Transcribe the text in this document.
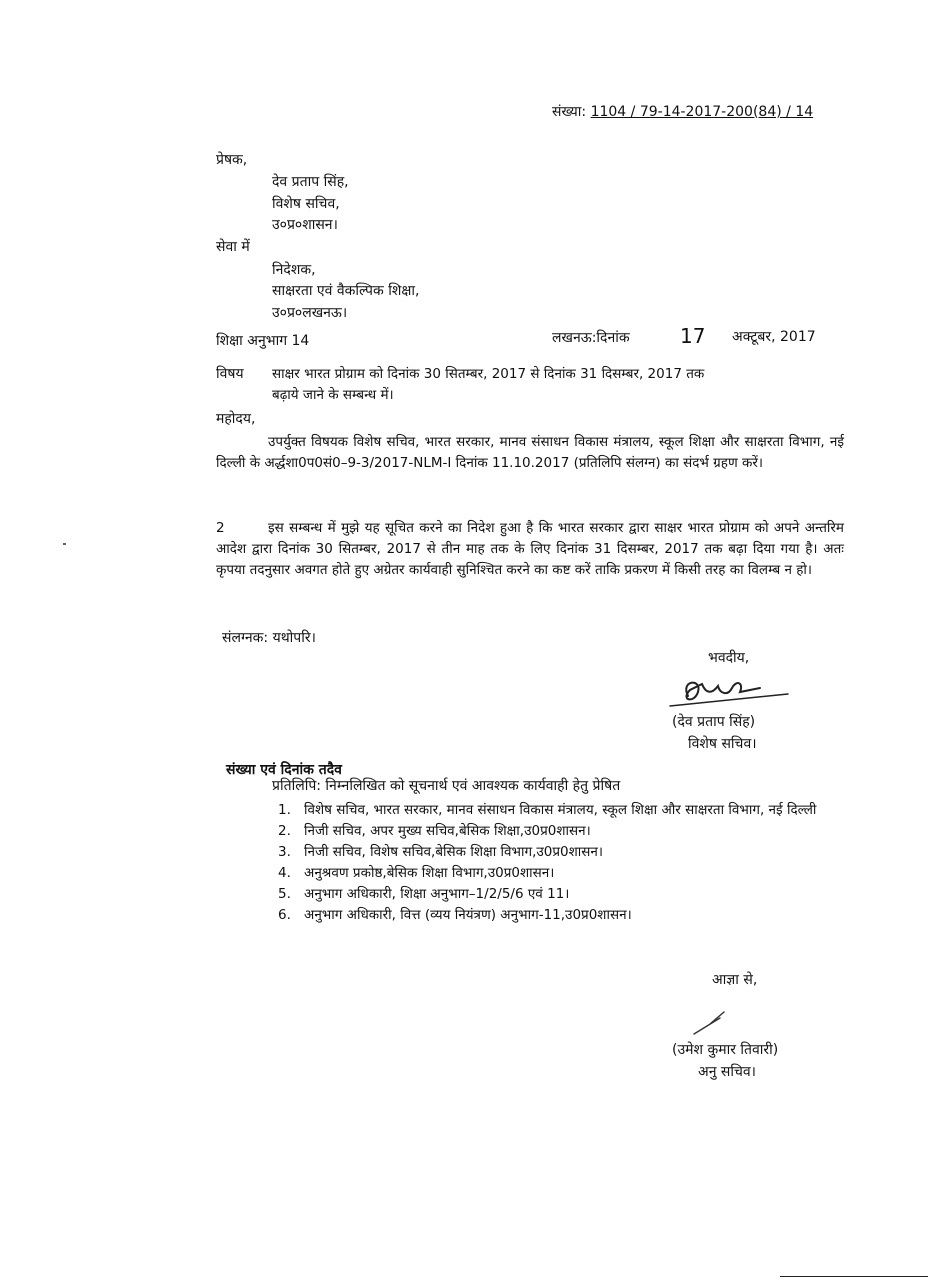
संख्या: 1104 / 79-14-2017-200(84) / 14
प्रेषक,
देव प्रताप सिंह,
विशेष सचिव,
उ०प्र०शासन।
सेवा में
निदेशक,
साक्षरता एवं वैकल्पिक शिक्षा,
उ०प्र०लखनऊ।
शिक्षा अनुभाग 14	लखनऊ:दिनांक	17 अक्टूबर, 2017
विषय साक्षर भारत प्रोग्राम को दिनांक 30 सितम्बर, 2017 से दिनांक 31 दिसम्बर, 2017 तक
बढ़ाये जाने के सम्बन्ध में।
महोदय,
उपर्युक्त विषयक विशेष सचिव, भारत सरकार, मानव संसाधन विकास मंत्रालय, स्कूल शिक्षा और साक्षरता विभाग, नई दिल्ली के अर्द्धशा0प0सं0–9-3/2017-NLM-I दिनांक 11.10.2017 (प्रतिलिपि संलग्न) का संदर्भ ग्रहण करें।
2	इस सम्बन्ध में मुझे यह सूचित करने का निदेश हुआ है कि भारत सरकार द्वारा साक्षर भारत प्रोग्राम को अपने अन्तरिम आदेश द्वारा दिनांक 30 सितम्बर, 2017 से तीन माह तक के लिए दिनांक 31 दिसम्बर, 2017 तक बढ़ा दिया गया है। अतः कृपया तदनुसार अवगत होते हुए अग्रेतर कार्यवाही सुनिश्चित करने का कष्ट करें ताकि प्रकरण में किसी तरह का विलम्ब न हो।
संलग्नक: यथोपरि।
भवदीय,
(देव प्रताप सिंह)
विशेष सचिव।
संख्या एवं दिनांक तदैव
प्रतिलिपि: निम्नलिखित को सूचनार्थ एवं आवश्यक कार्यवाही हेतु प्रेषित
1. विशेष सचिव, भारत सरकार, मानव संसाधन विकास मंत्रालय, स्कूल शिक्षा और साक्षरता विभाग, नई दिल्ली
2. निजी सचिव, अपर मुख्य सचिव,बेसिक शिक्षा,उ0प्र0शासन।
3. निजी सचिव, विशेष सचिव,बेसिक शिक्षा विभाग,उ0प्र0शासन।
4. अनुश्रवण प्रकोष्ठ,बेसिक शिक्षा विभाग,उ0प्र0शासन।
5. अनुभाग अधिकारी, शिक्षा अनुभाग–1/2/5/6 एवं 11।
6. अनुभाग अधिकारी, वित्त (व्यय नियंत्रण) अनुभाग-11,उ0प्र0शासन।
आज्ञा से,
(उमेश कुमार तिवारी)
अनु सचिव।
